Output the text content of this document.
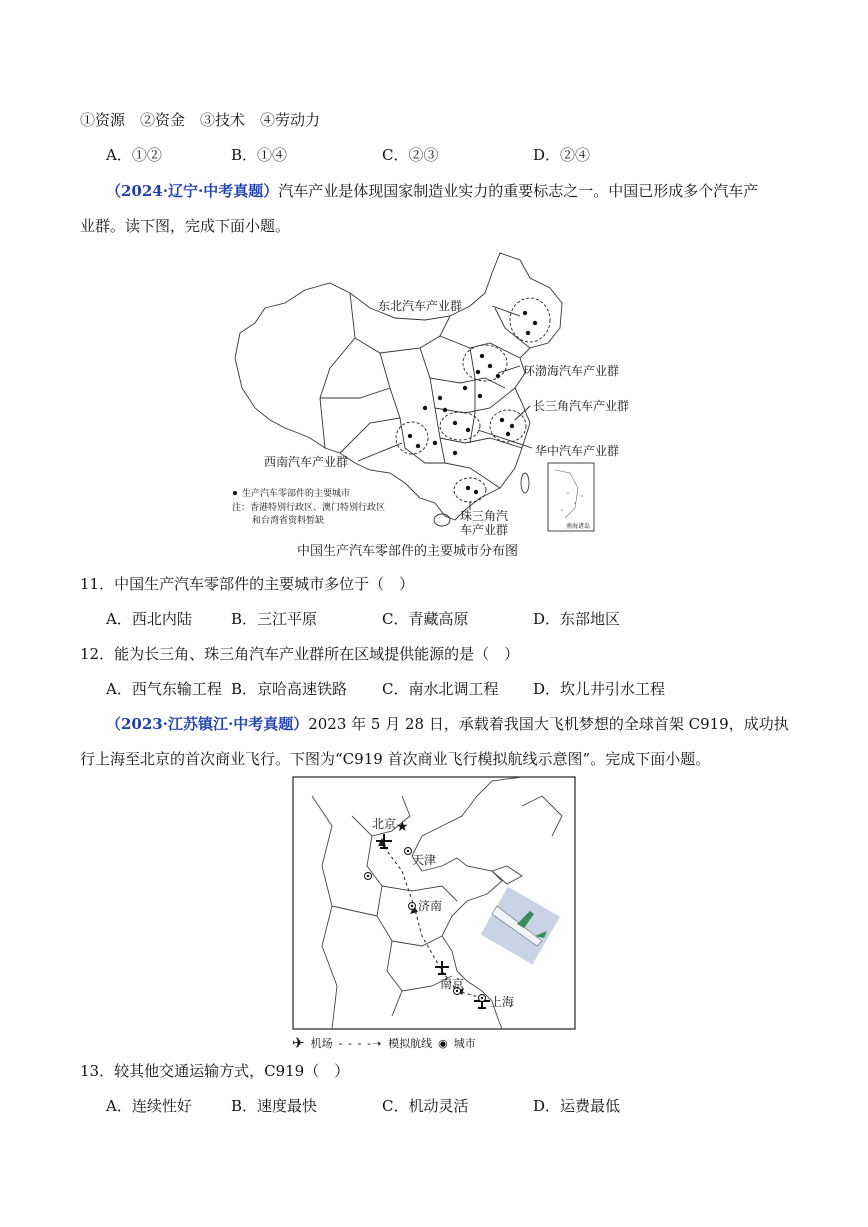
①资源　②资金　③技术　④劳动力
A．①②	B．①④	C．②③	D．②④
（2024·辽宁·中考真题）汽车产业是体现国家制造业实力的重要标志之一。中国已形成多个汽车产
业群。读下图，完成下面小题。
东北汽车产业群
环渤海汽车产业群
长三角汽车产业群
华中汽车产业群
西南汽车产业群
珠三角汽
车产业群
生产汽车零部件的主要城市
注：香港特别行政区、澳门特别行政区
和台湾省资料暂缺
南海诸岛
中国生产汽车零部件的主要城市分布图
11．中国生产汽车零部件的主要城市多位于（　）
A．西北内陆	B．三江平原	C．青藏高原	D．东部地区
12．能为长三角、珠三角汽车产业群所在区域提供能源的是（　）
A．西气东输工程 B．京哈高速铁路 C．南水北调工程 D．坎儿井引水工程
（2023·江苏镇江·中考真题）2023 年 5 月 28 日，承载着我国大飞机梦想的全球首架 C919，成功执
行上海至北京的首次商业飞行。下图为“C919 首次商业飞行模拟航线示意图”。完成下面小题。
★
北京
天津
济南
南京
上海
✈ 机场 - - - -➝ 模拟航线 ◉ 城市
13．较其他交通运输方式，C919（　）
A．连续性好	B．速度最快	C．机动灵活	D．运费最低
